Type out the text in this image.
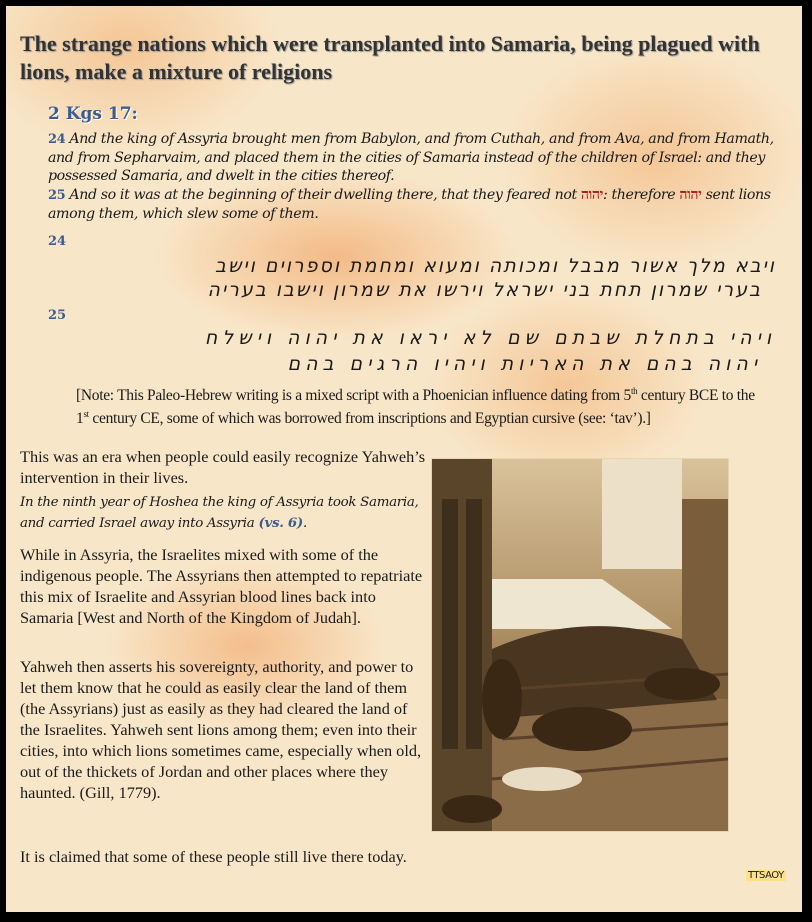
The strange nations which were transplanted into Samaria, being plagued with lions, make a mixture of religions
2 Kgs 17:
24 And the king of Assyria brought men from Babylon, and from Cuthah, and from Ava, and from Hamath, and from Sepharvaim, and placed them in the cities of Samaria instead of the children of Israel: and they possessed Samaria, and dwelt in the cities thereof.
25 And so it was at the beginning of their dwelling there, that they feared not יהוה: therefore יהוה sent lions among them, which slew some of them.
24
ויבא מלך אשור מבבל ומכותה ומעוא ומחמת וספרוים וישב
בערי שמרון תחת בני ישראל וירשו את שמרון וישבו בעריה
25
ויהי בתחלת שבתם שם לא יראו את יהוה וישלח
יהוה בהם את האריות ויהיו הרגים בהם
[Note: This Paleo-Hebrew writing is a mixed script with a Phoenician influence dating from 5th century BCE to the 1st century CE, some of which was borrowed from inscriptions and Egyptian cursive (see: ‘tav’).]
This was an era when people could easily recognize Yahweh’s intervention in their lives.
In the ninth year of Hoshea the king of Assyria took Samaria, and carried Israel away into Assyria (vs. 6).
While in Assyria, the Israelites mixed with some of the indigenous people. The Assyrians then attempted to repatriate this mix of Israelite and Assyrian blood lines back into Samaria [West and North of the Kingdom of Judah].
Yahweh then asserts his sovereignty, authority, and power to let them know that he could as easily clear the land of them (the Assyrians) just as easily as they had cleared the land of the Israelites. Yahweh sent lions among them; even into their cities, into which lions sometimes came, especially when old, out of the thickets of Jordan and other places where they haunted. (Gill, 1779).
It is claimed that some of these people still live there today.
TTSAOY
